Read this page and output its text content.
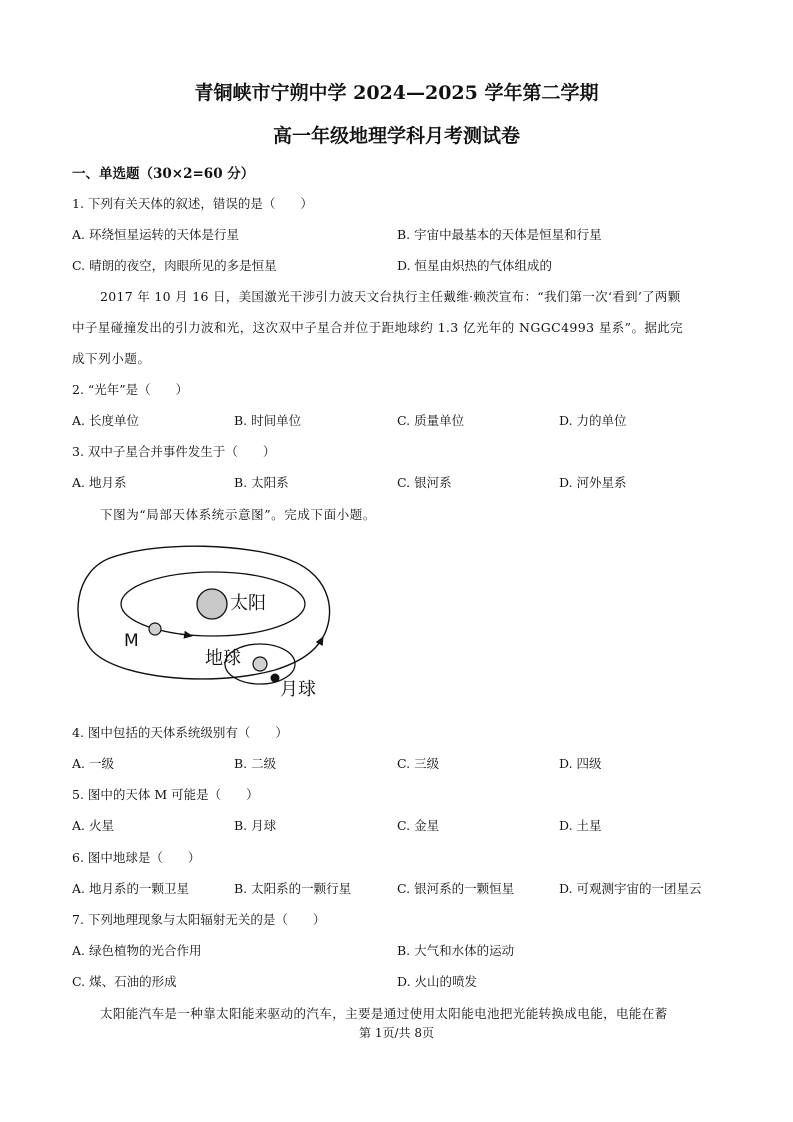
青铜峡市宁朔中学 2024—2025 学年第二学期
高一年级地理学科月考测试卷
一、单选题（30×2=60 分）
1. 下列有关天体的叙述，错误的是（　　）
A. 环绕恒星运转的天体是行星	B. 宇宙中最基本的天体是恒星和行星
C. 晴朗的夜空，肉眼所见的多是恒星	D. 恒星由炽热的气体组成的
2017 年 10 月 16 日，美国激光干涉引力波天文台执行主任戴维·赖茨宣布：“我们第一次‘看到’了两颗
中子星碰撞发出的引力波和光，这次双中子星合并位于距地球约 1.3 亿光年的 NGGC4993 星系”。据此完
成下列小题。
2. “光年”是（　　）
A. 长度单位	B. 时间单位	C. 质量单位	D. 力的单位
3. 双中子星合并事件发生于（　　）
A. 地月系	B. 太阳系	C. 银河系	D. 河外星系
下图为“局部天体系统示意图”。完成下面小题。
太阳
M
地球
月球
4. 图中包括的天体系统级别有（　　）
A. 一级	B. 二级	C. 三级	D. 四级
5. 图中的天体 M 可能是（　　）
A. 火星	B. 月球	C. 金星	D. 土星
6. 图中地球是（　　）
A. 地月系的一颗卫星	B. 太阳系的一颗行星	C. 银河系的一颗恒星	D. 可观测宇宙的一团星云
7. 下列地理现象与太阳辐射无关的是（　　）
A. 绿色植物的光合作用	B. 大气和水体的运动
C. 煤、石油的形成	D. 火山的喷发
太阳能汽车是一种靠太阳能来驱动的汽车，主要是通过使用太阳能电池把光能转换成电能，电能在蓄
第 1页/共 8页
